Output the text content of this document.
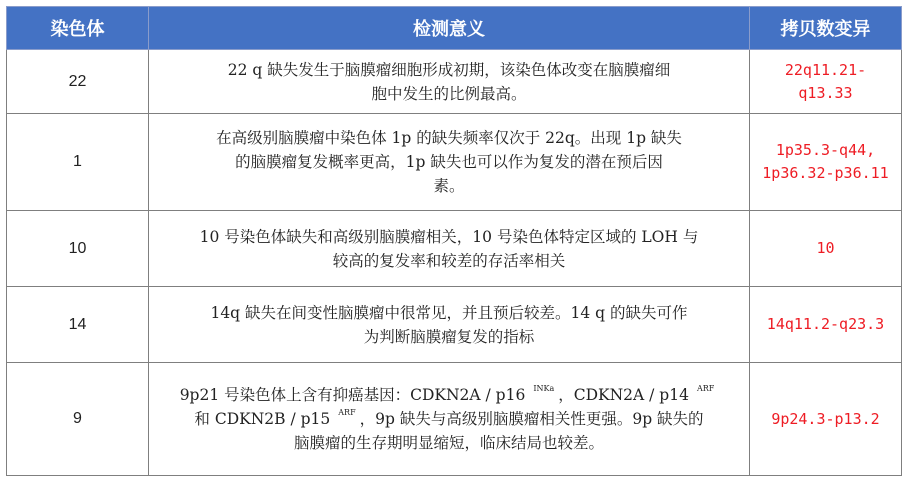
染色体	检测意义	拷贝数变异
22	22 q 缺失发生于脑膜瘤细胞形成初期，该染色体改变在脑膜瘤细
胞中发生的比例最高。	22q11.21-
q13.33

1	在高级别脑膜瘤中染色体 1p 的缺失频率仅次于 22q。出现 1p 缺失
的脑膜瘤复发概率更高，1p 缺失也可以作为复发的潜在预后因
素。	1p35.3-q44,
1p36.32-p36.11

10	10 号染色体缺失和高级别脑膜瘤相关，10 号染色体特定区域的 LOH 与
较高的复发率和较差的存活率相关	10

14	14q 缺失在间变性脑膜瘤中很常见，并且预后较差。14 q 的缺失可作
为判断脑膜瘤复发的指标	14q11.2-q23.3

9	9p21 号染色体上含有抑癌基因：CDKN2A / p16 $^{INKa}$ ，CDKN2A / p14 $^{ARF}$
和 CDKN2B / p15 $^{ARF}$ ，9p 缺失与高级别脑膜瘤相关性更强。9p 缺失的
脑膜瘤的生存期明显缩短，临床结局也较差。	9p24.3-p13.2
